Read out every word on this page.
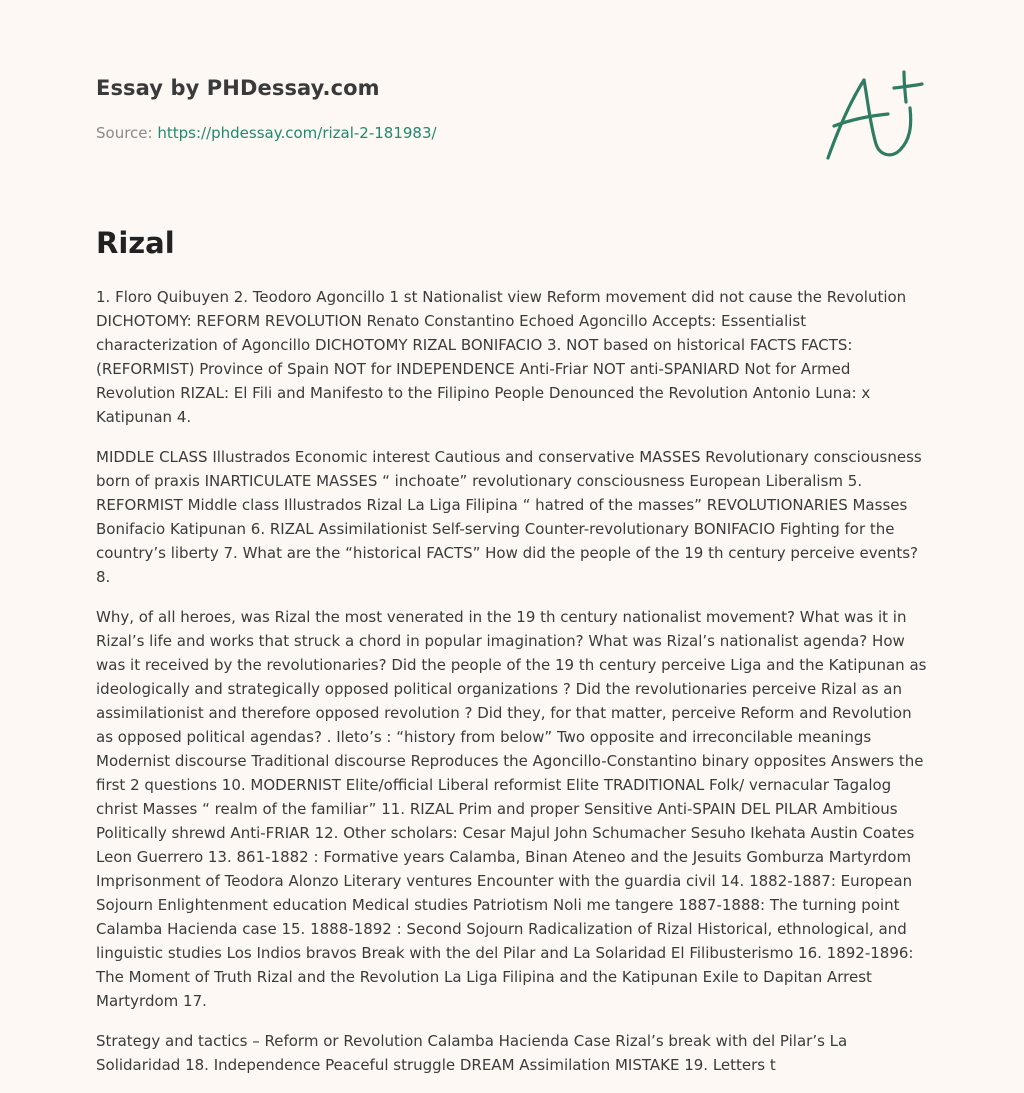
Essay by PHDessay.com
Source: https://phdessay.com/rizal-2-181983/
Rizal

1. Floro Quibuyen 2. Teodoro Agoncillo 1 st Nationalist view Reform movement did not cause the Revolution DICHOTOMY: REFORM REVOLUTION Renato Constantino Echoed Agoncillo Accepts: Essentialist characterization of Agoncillo DICHOTOMY RIZAL BONIFACIO 3. NOT based on historical FACTS FACTS: (REFORMIST) Province of Spain NOT for INDEPENDENCE Anti-Friar NOT anti-SPANIARD Not for Armed Revolution RIZAL: El Fili and Manifesto to the Filipino People Denounced the Revolution Antonio Luna: x Katipunan 4.

MIDDLE CLASS Illustrados Economic interest Cautious and conservative MASSES Revolutionary consciousness born of praxis INARTICULATE MASSES “ inchoate” revolutionary consciousness European Liberalism 5. REFORMIST Middle class Illustrados Rizal La Liga Filipina “ hatred of the masses” REVOLUTIONARIES Masses Bonifacio Katipunan 6. RIZAL Assimilationist Self-serving Counter-revolutionary BONIFACIO Fighting for the country’s liberty 7. What are the “historical FACTS” How did the people of the 19 th century perceive events? 8.

Why, of all heroes, was Rizal the most venerated in the 19 th century nationalist movement? What was it in Rizal’s life and works that struck a chord in popular imagination? What was Rizal’s nationalist agenda? How was it received by the revolutionaries? Did the people of the 19 th century perceive Liga and the Katipunan as ideologically and strategically opposed political organizations ? Did the revolutionaries perceive Rizal as an assimilationist and therefore opposed revolution ? Did they, for that matter, perceive Reform and Revolution as opposed political agendas? . Ileto’s : “history from below” Two opposite and irreconcilable meanings Modernist discourse Traditional discourse Reproduces the Agoncillo-Constantino binary opposites Answers the first 2 questions 10. MODERNIST Elite/official Liberal reformist Elite TRADITIONAL Folk/ vernacular Tagalog christ Masses “ realm of the familiar” 11. RIZAL Prim and proper Sensitive Anti-SPAIN DEL PILAR Ambitious Politically shrewd Anti-FRIAR 12. Other scholars: Cesar Majul John Schumacher Sesuho Ikehata Austin Coates Leon Guerrero 13. 861-1882 : Formative years Calamba, Binan Ateneo and the Jesuits Gomburza Martyrdom Imprisonment of Teodora Alonzo Literary ventures Encounter with the guardia civil 14. 1882-1887: European Sojourn Enlightenment education Medical studies Patriotism Noli me tangere 1887-1888: The turning point Calamba Hacienda case 15. 1888-1892 : Second Sojourn Radicalization of Rizal Historical, ethnological, and linguistic studies Los Indios bravos Break with the del Pilar and La Solaridad El Filibusterismo 16. 1892-1896: The Moment of Truth Rizal and the Revolution La Liga Filipina and the Katipunan Exile to Dapitan Arrest Martyrdom 17.

Strategy and tactics – Reform or Revolution Calamba Hacienda Case Rizal’s break with del Pilar’s La Solidaridad 18. Independence Peaceful struggle DREAM Assimilation MISTAKE 19. Letters t
